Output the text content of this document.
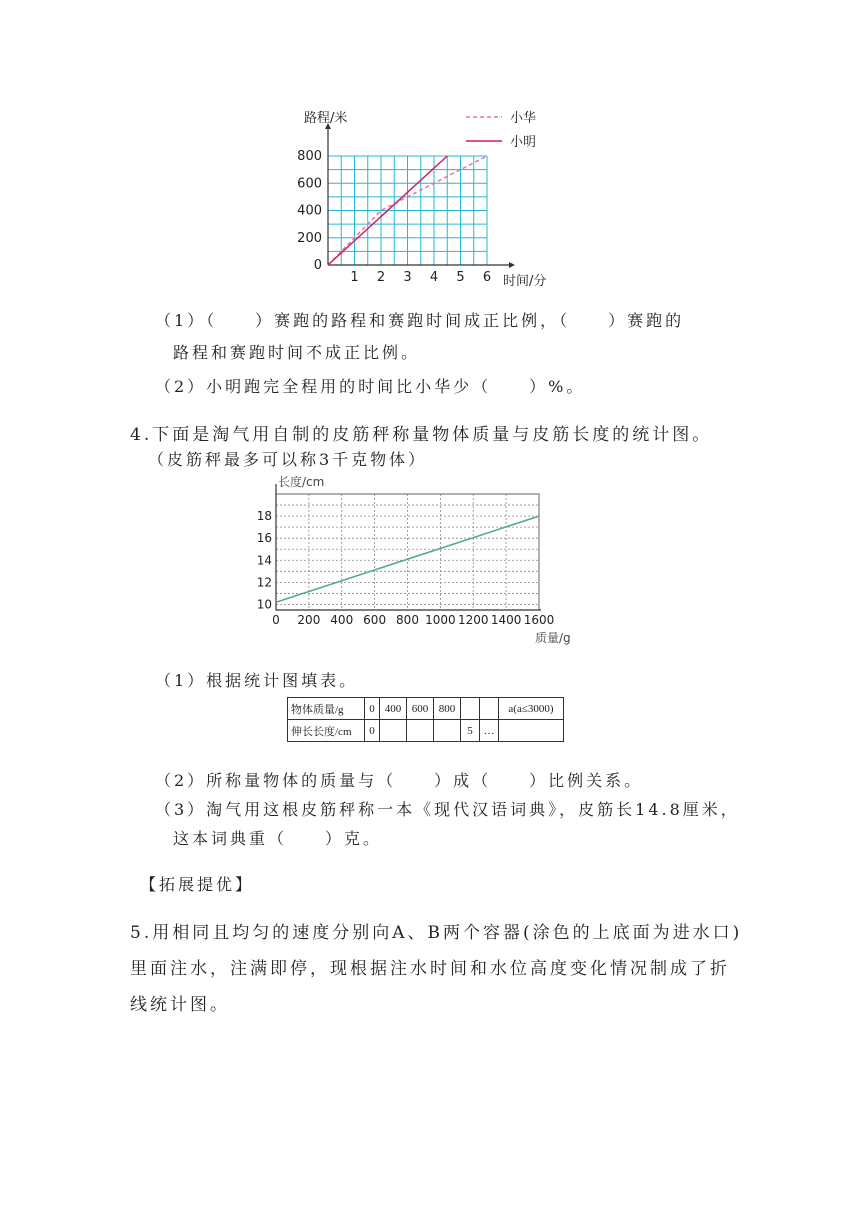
1 2 3 4 5 6
0
200
400
600
800
路程/米
时间/分
小华
小明
（1）（　　）赛跑的路程和赛跑时间成正比例，（　　）赛跑的
路程和赛跑时间不成正比例。
（2）小明跑完全程用的时间比小华少（　　）%。
4.下面是淘气用自制的皮筋秤称量物体质量与皮筋长度的统计图。
（皮筋秤最多可以称3千克物体）
0 200 400 600 800 1000 1200 1400 1600
10
12
14
16
18
长度/cm
质量/g
（1）根据统计图填表。
物体质量/g	0	400	600	800			a(a≤3000)
伸长长度/cm	0				5	…	
（2）所称量物体的质量与（　　）成（　　）比例关系。
（3）淘气用这根皮筋秤称一本《现代汉语词典》，皮筋长14.8厘米，
这本词典重（　　）克。
【拓展提优】
5.用相同且均匀的速度分别向A、B两个容器(涂色的上底面为进水口)
里面注水，注满即停，现根据注水时间和水位高度变化情况制成了折
线统计图。
